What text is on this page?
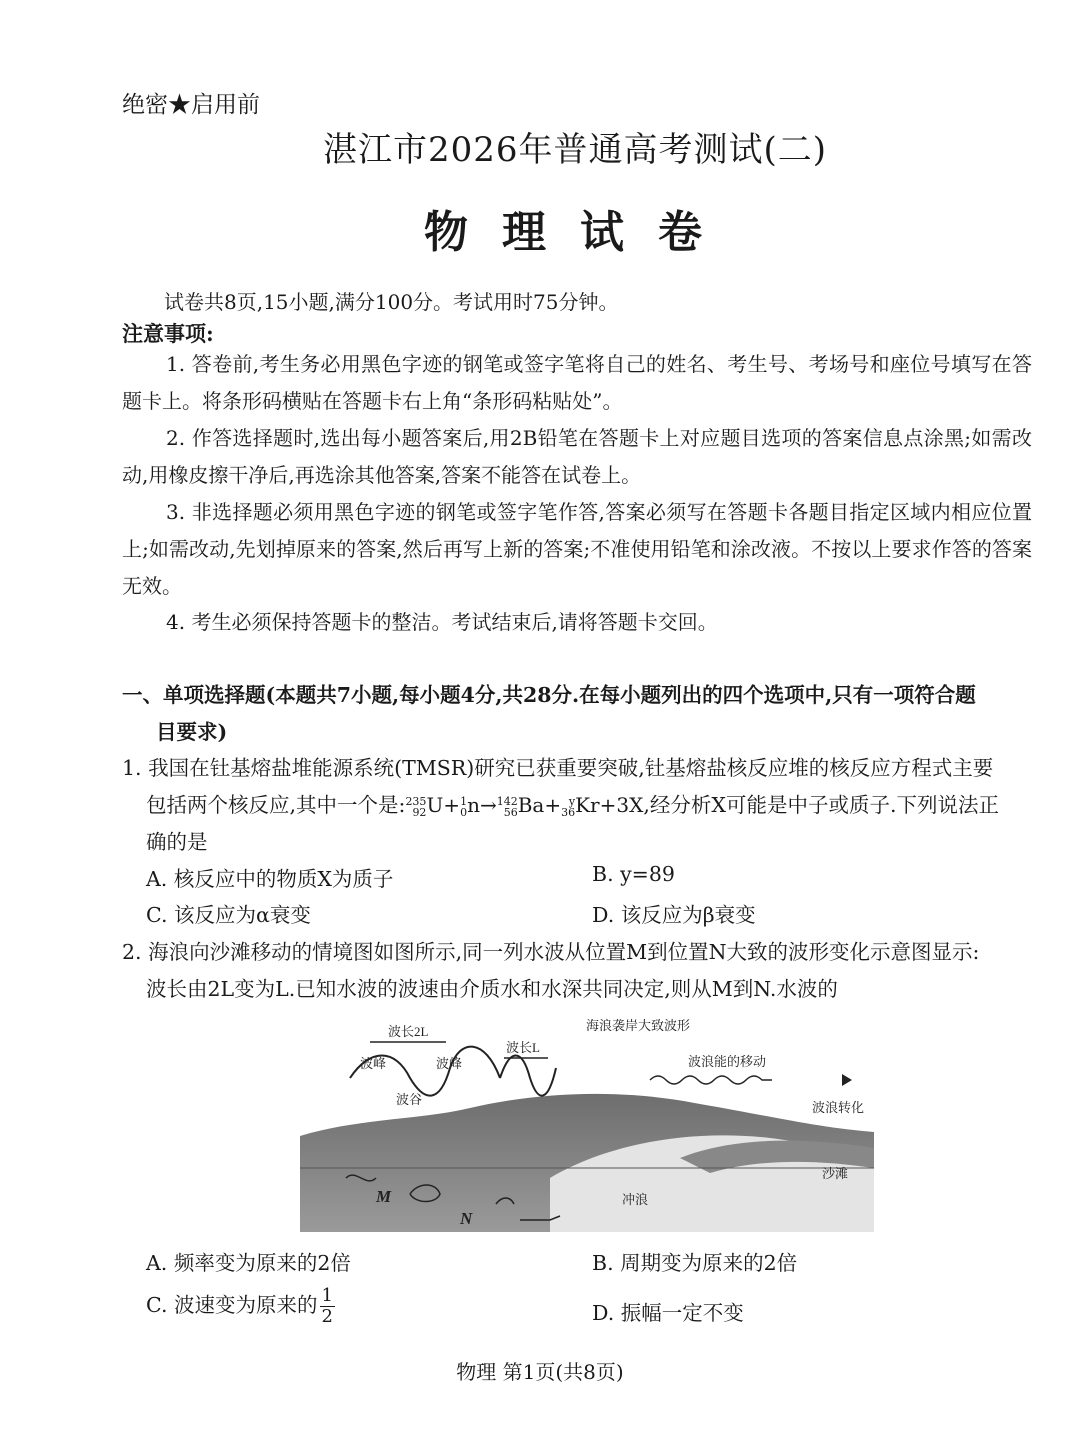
绝密★启用前
湛江市2026年普通高考测试(二)
物理试卷
试卷共8页,15小题,满分100分。考试用时75分钟。
注意事项:
1. 答卷前,考生务必用黑色字迹的钢笔或签字笔将自己的姓名、考生号、考场号和座位号填写在答题卡上。将条形码横贴在答题卡右上角“条形码粘贴处”。
2. 作答选择题时,选出每小题答案后,用2B铅笔在答题卡上对应题目选项的答案信息点涂黑;如需改动,用橡皮擦干净后,再选涂其他答案,答案不能答在试卷上。
3. 非选择题必须用黑色字迹的钢笔或签字笔作答,答案必须写在答题卡各题目指定区域内相应位置上;如需改动,先划掉原来的答案,然后再写上新的答案;不准使用铅笔和涂改液。不按以上要求作答的答案无效。
4. 考生必须保持答题卡的整洁。考试结束后,请将答题卡交回。
一、单项选择题(本题共7小题,每小题4分,共28分.在每小题列出的四个选项中,只有一项符合题
目要求)
1. 我国在钍基熔盐堆能源系统(TMSR)研究已获重要突破,钍基熔盐核反应堆的核反应方程式主要
包括两个核反应,其中一个是: 235
92 U+ 1
0 n→ 142
56 Ba+ y
36 Kr+3X,经分析X可能是中子或质子.下列说法正
确的是
A. 核反应中的物质X为质子	B. y=89
C. 该反应为α衰变	D. 该反应为β衰变
2. 海浪向沙滩移动的情境图如图所示,同一列水波从位置M到位置N大致的波形变化示意图显示:
波长由2L变为L.已知水波的波速由介质水和水深共同决定,则从M到N.水波的
海浪袭岸大致波形
波长2L
波长L
波峰	波峰
波谷
波浪能的移动
波浪转化
沙滩
冲浪
M
N
A. 频率变为原来的2倍	B. 周期变为原来的2倍
C. 波速变为原来的 $\frac{1}{2}$	D. 振幅一定不变
物理 第1页(共8页)
